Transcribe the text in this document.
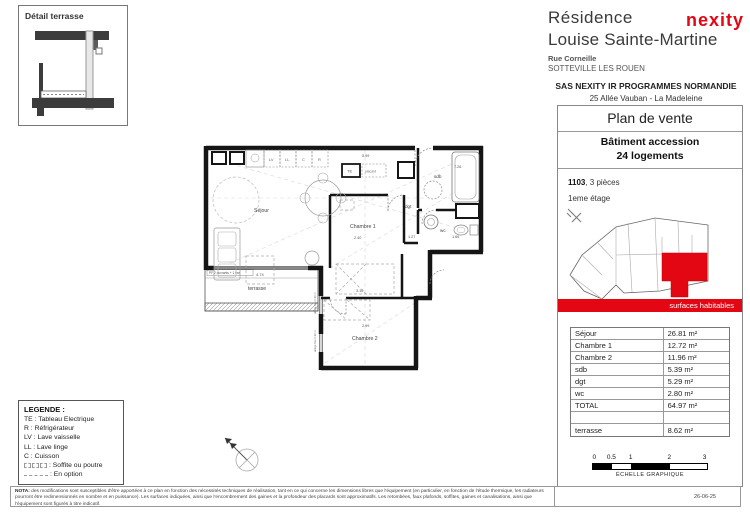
Détail terrasse	Résidence	nexity
Louise Sainte-Martine
Rue Corneille
SOTTEVILLE LES ROUEN
SAS NEXITY IR PROGRAMMES NORMANDIE
25 Allée Vauban - La Madeleine
Plan de vente
Bâtiment accession
24 logements
1103, 3 pièces
1eme étage
surfaces habitables
Séjour	26.81 m²
Chambre 1	12.72 m²
Chambre 2	11.96 m²
sdb	5.39 m²
dgt	5.29 m²
wc	2.80 m²
TOTAL	64.97 m²
terrasse	8.62 m²
0 0.5 1	2	3
ÉCHELLE GRAPHIQUE
terrasse
4.74
PF 2 ouvrants + 1 fixe
allège fixe 0.90 m
allège fixe 0.90 m
LV	LL	C	R
TE	placard
Séjour
Chambre 1
Chambre 2
dgt
sdb
wc
5.99
2.40
3.10
2.99
1.27	1.66
7.26
LEGENDE :
TE : Tableau Electrique
R : Réfrigérateur
LV : Lave vaisselle
LL : Lave linge
C : Cuisson
: Soffite ou poutre
: En option
NOTA: des modifications sont susceptibles d'être apportées à ce plan en fonction des nécessités techniques de réalisation, tant en ce qui concerne les dimensions libres que l'équipement (en particulier, en fonction de l'étude thermique, les radiateurs pourront être redimensionnés en nombre et en puissance). Les surfaces indiquées, ainsi que l'encombrement des gaines et la profondeur des placards sont approximatifs. Les retombées, faux plafonds, soffites, gaines et canalisations, ainsi que l'équipement sont figurés à titre indicatif.
26-06-25
